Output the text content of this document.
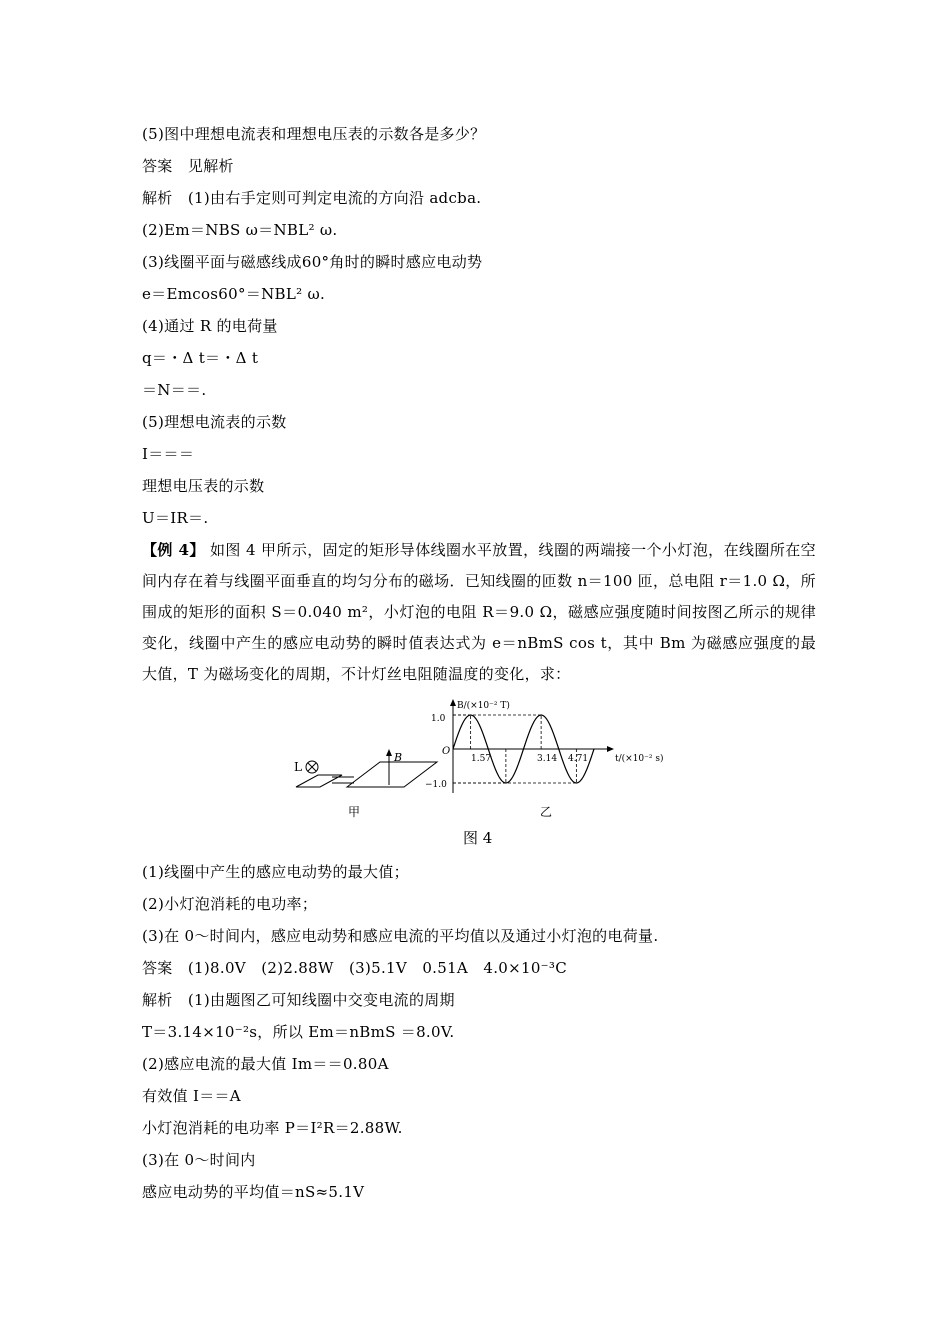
(5)图中理想电流表和理想电压表的示数各是多少？
答案　见解析
解析　(1)由右手定则可判定电流的方向沿 adcba.
(2)Em＝NBS ω＝NBL² ω.
(3)线圈平面与磁感线成60°角时的瞬时感应电动势
e＝Emcos60°＝NBL² ω.
(4)通过 R 的电荷量
q＝・Δ t＝・Δ t
＝N＝＝.
(5)理想电流表的示数
I＝＝＝
理想电压表的示数
U＝IR＝.
【例 4】 如图 4 甲所示，固定的矩形导体线圈水平放置，线圈的两端接一个小灯泡，在线圈所在空间内存在着与线圈平面垂直的均匀分布的磁场．已知线圈的匝数 n＝100 匝，总电阻 r＝1.0 Ω，所围成的矩形的面积 S＝0.040 m²，小灯泡的电阻 R＝9.0 Ω，磁感应强度随时间按图乙所示的规律变化，线圈中产生的感应电动势的瞬时值表达式为 e＝nBmS cos t，其中 Bm 为磁感应强度的最大值，T 为磁场变化的周期，不计灯丝电阻随温度的变化，求：
L
B
甲
B/(×10⁻² T)
t/(×10⁻² s)
O
1.0
−1.0
1.57	3.14 4.71
乙
图 4
(1)线圈中产生的感应电动势的最大值；
(2)小灯泡消耗的电功率；
(3)在 0～时间内，感应电动势和感应电流的平均值以及通过小灯泡的电荷量.
答案　(1)8.0V　(2)2.88W　(3)5.1V　0.51A　4.0×10⁻³C
解析　(1)由题图乙可知线圈中交变电流的周期
T＝3.14×10⁻²s，所以 Em＝nBmS ＝8.0V.
(2)感应电流的最大值 Im＝＝0.80A
有效值 I＝＝A
小灯泡消耗的电功率 P＝I²R＝2.88W.
(3)在 0～时间内
感应电动势的平均值＝nS≈5.1V
